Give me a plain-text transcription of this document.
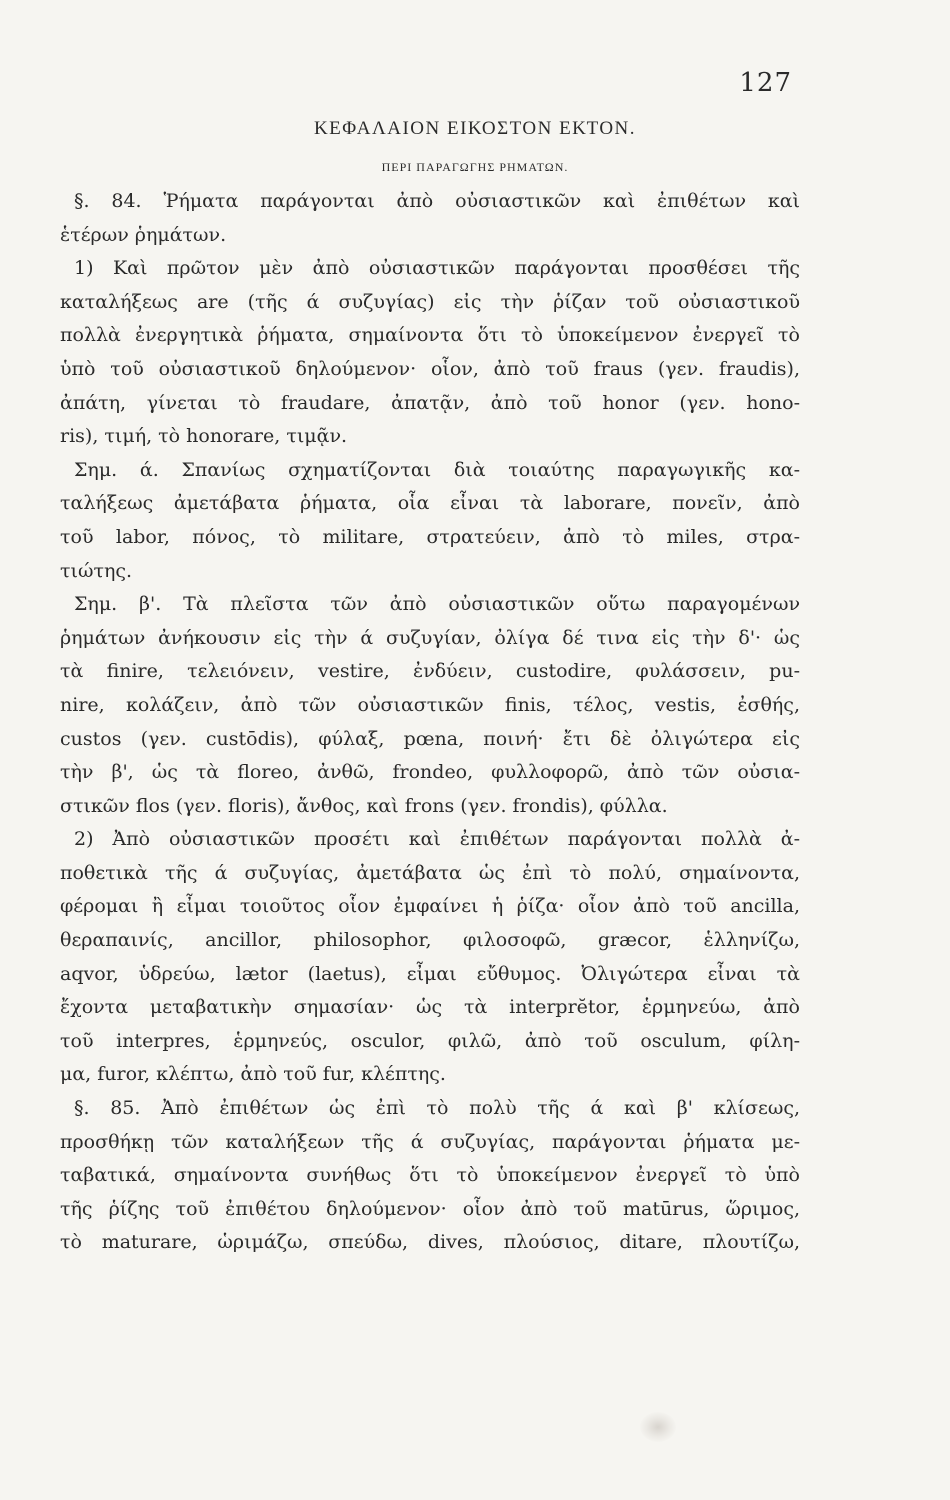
127
ΚΕΦΑΛΑΙΟΝ ΕΙΚΟΣΤΟΝ ΕΚΤΟΝ.
ΠΕΡΙ ΠΑΡΑΓΩΓΗΣ ΡΗΜΑΤΩΝ.
§. 84. Ῥήματα παράγονται ἀπὸ οὐσιαστικῶν καὶ ἐπιθέτων καὶ
ἑτέρων ῥημάτων.
1) Καὶ πρῶτον μὲν ἀπὸ οὐσιαστικῶν παράγονται προσθέσει τῆς
καταλήξεως are (τῆς ά συζυγίας) εἰς τὴν ῥίζαν τοῦ οὐσιαστικοῦ
πολλὰ ἐνεργητικὰ ῥήματα, σημαίνοντα ὅτι τὸ ὑποκείμενον ἐνεργεῖ τὸ
ὑπὸ τοῦ οὐσιαστικοῦ δηλούμενον· οἷον, ἀπὸ τοῦ fraus (γεν. fraudis),
ἀπάτη, γίνεται τὸ fraudare, ἀπατᾷν, ἀπὸ τοῦ honor (γεν. hono-
ris), τιμή, τὸ honorare, τιμᾷν.
Σημ. ά. Σπανίως σχηματίζονται διὰ τοιαύτης παραγωγικῆς κα-
ταλήξεως ἀμετάβατα ῥήματα, οἷα εἶναι τὰ laborare, πονεῖν, ἀπὸ
τοῦ labor, πόνος, τὸ militare, στρατεύειν, ἀπὸ τὸ miles, στρα-
τιώτης.
Σημ. β'. Τὰ πλεῖστα τῶν ἀπὸ οὐσιαστικῶν οὕτω παραγομένων
ῥημάτων ἀνήκουσιν εἰς τὴν ά συζυγίαν, ὀλίγα δέ τινα εἰς τὴν δ'· ὡς
τὰ finire, τελειόνειν, vestire, ἐνδύειν, custodire, φυλάσσειν, pu-
nire, κολάζειν, ἀπὸ τῶν οὐσιαστικῶν finis, τέλος, vestis, ἐσθής,
custos (γεν. custōdis), φύλαξ, pœna, ποινή· ἔτι δὲ ὀλιγώτερα εἰς
τὴν β', ὡς τὰ floreo, ἀνθῶ, frondeo, φυλλοφορῶ, ἀπὸ τῶν οὐσια-
στικῶν flos (γεν. floris), ἄνθος, καὶ frons (γεν. frondis), φύλλα.
2) Ἀπὸ οὐσιαστικῶν προσέτι καὶ ἐπιθέτων παράγονται πολλὰ ἀ-
ποθετικὰ τῆς ά συζυγίας, ἀμετάβατα ὡς ἐπὶ τὸ πολύ, σημαίνοντα,
φέρομαι ἢ εἶμαι τοιοῦτος οἷον ἐμφαίνει ἡ ῥίζα· οἷον ἀπὸ τοῦ ancilla,
θεραπαινίς, ancillor, philosophor, φιλοσοφῶ, græcor, ἑλληνίζω,
aqvor, ὑδρεύω, lætor (laetus), εἶμαι εὔθυμος. Ὀλιγώτερα εἶναι τὰ
ἔχοντα μεταβατικὴν σημασίαν· ὡς τὰ interprĕtor, ἑρμηνεύω, ἀπὸ
τοῦ interpres, ἑρμηνεύς, osculor, φιλῶ, ἀπὸ τοῦ osculum, φίλη-
μα, furor, κλέπτω, ἀπὸ τοῦ fur, κλέπτης.
§. 85. Ἀπὸ ἐπιθέτων ὡς ἐπὶ τὸ πολὺ τῆς ά καὶ β' κλίσεως,
προσθήκῃ τῶν καταλήξεων τῆς ά συζυγίας, παράγονται ῥήματα με-
ταβατικά, σημαίνοντα συνήθως ὅτι τὸ ὑποκείμενον ἐνεργεῖ τὸ ὑπὸ
τῆς ῥίζης τοῦ ἐπιθέτου δηλούμενον· οἷον ἀπὸ τοῦ matūrus, ὥριμος,
τὸ maturare, ὡριμάζω, σπεύδω, dives, πλούσιος, ditare, πλουτίζω,
